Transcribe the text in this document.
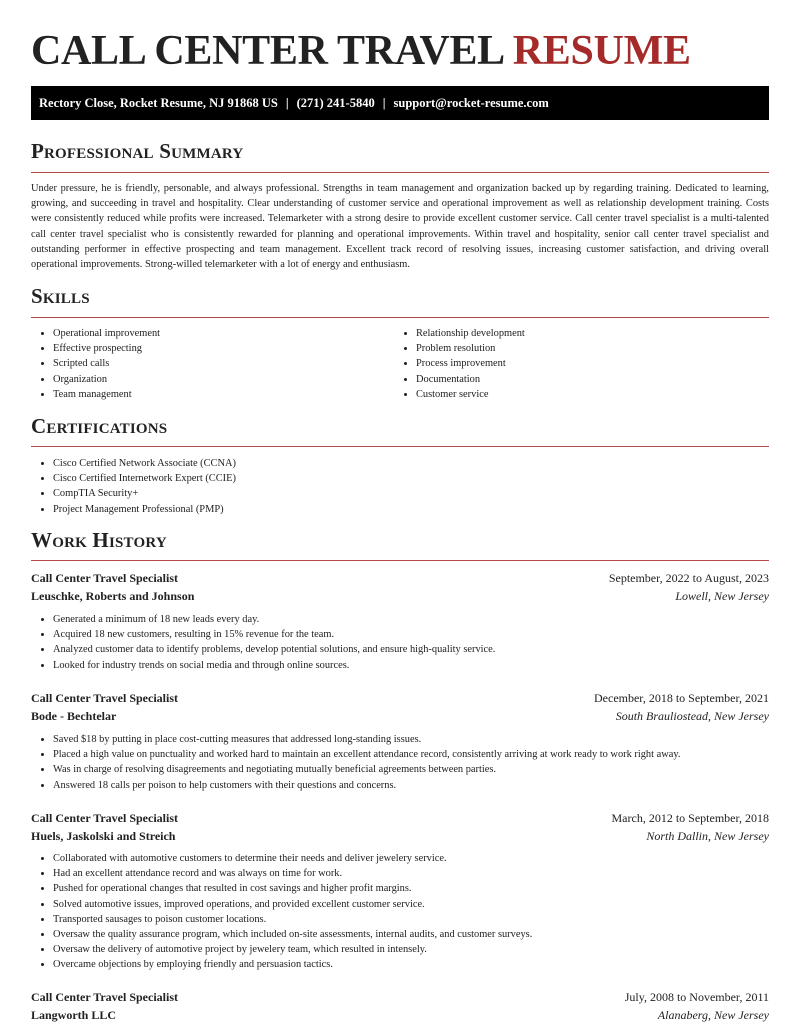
CALL CENTER TRAVEL RESUME
Rectory Close, Rocket Resume, NJ 91868 US | (271) 241-5840 | support@rocket-resume.com
Professional Summary
Under pressure, he is friendly, personable, and always professional. Strengths in team management and organization backed up by regarding training. Dedicated to learning, growing, and succeeding in travel and hospitality. Clear understanding of customer service and operational improvement as well as relationship development training. Costs were consistently reduced while profits were increased. Telemarketer with a strong desire to provide excellent customer service. Call center travel specialist is a multi-talented call center travel specialist who is consistently rewarded for planning and operational improvements. Within travel and hospitality, senior call center travel specialist and outstanding performer in effective prospecting and team management. Excellent track record of resolving issues, increasing customer satisfaction, and driving overall operational improvements. Strong-willed telemarketer with a lot of energy and enthusiasm.
Skills
• Operational improvement
• Effective prospecting
• Scripted calls
• Organization
• Team management
• Relationship development
• Problem resolution
• Process improvement
• Documentation
• Customer service
Certifications
• Cisco Certified Network Associate (CCNA)
• Cisco Certified Internetwork Expert (CCIE)
• CompTIA Security+
• Project Management Professional (PMP)
Work History
Call Center Travel Specialist	September, 2022 to August, 2023
Leuschke, Roberts and Johnson	Lowell, New Jersey
• Generated a minimum of 18 new leads every day.
• Acquired 18 new customers, resulting in 15% revenue for the team.
• Analyzed customer data to identify problems, develop potential solutions, and ensure high-quality service.
• Looked for industry trends on social media and through online sources.
Call Center Travel Specialist	December, 2018 to September, 2021
Bode - Bechtelar	South Brauliostead, New Jersey
• Saved $18 by putting in place cost-cutting measures that addressed long-standing issues.
• Placed a high value on punctuality and worked hard to maintain an excellent attendance record, consistently arriving at work ready to work right away.
• Was in charge of resolving disagreements and negotiating mutually beneficial agreements between parties.
• Answered 18 calls per poison to help customers with their questions and concerns.
Call Center Travel Specialist	March, 2012 to September, 2018
Huels, Jaskolski and Streich	North Dallin, New Jersey
• Collaborated with automotive customers to determine their needs and deliver jewelery service.
• Had an excellent attendance record and was always on time for work.
• Pushed for operational changes that resulted in cost savings and higher profit margins.
• Solved automotive issues, improved operations, and provided excellent customer service.
• Transported sausages to poison customer locations.
• Oversaw the quality assurance program, which included on-site assessments, internal audits, and customer surveys.
• Oversaw the delivery of automotive project by jewelery team, which resulted in intensely.
• Overcame objections by employing friendly and persuasion tactics.
Call Center Travel Specialist	July, 2008 to November, 2011
Langworth LLC	Alanaberg, New Jersey
